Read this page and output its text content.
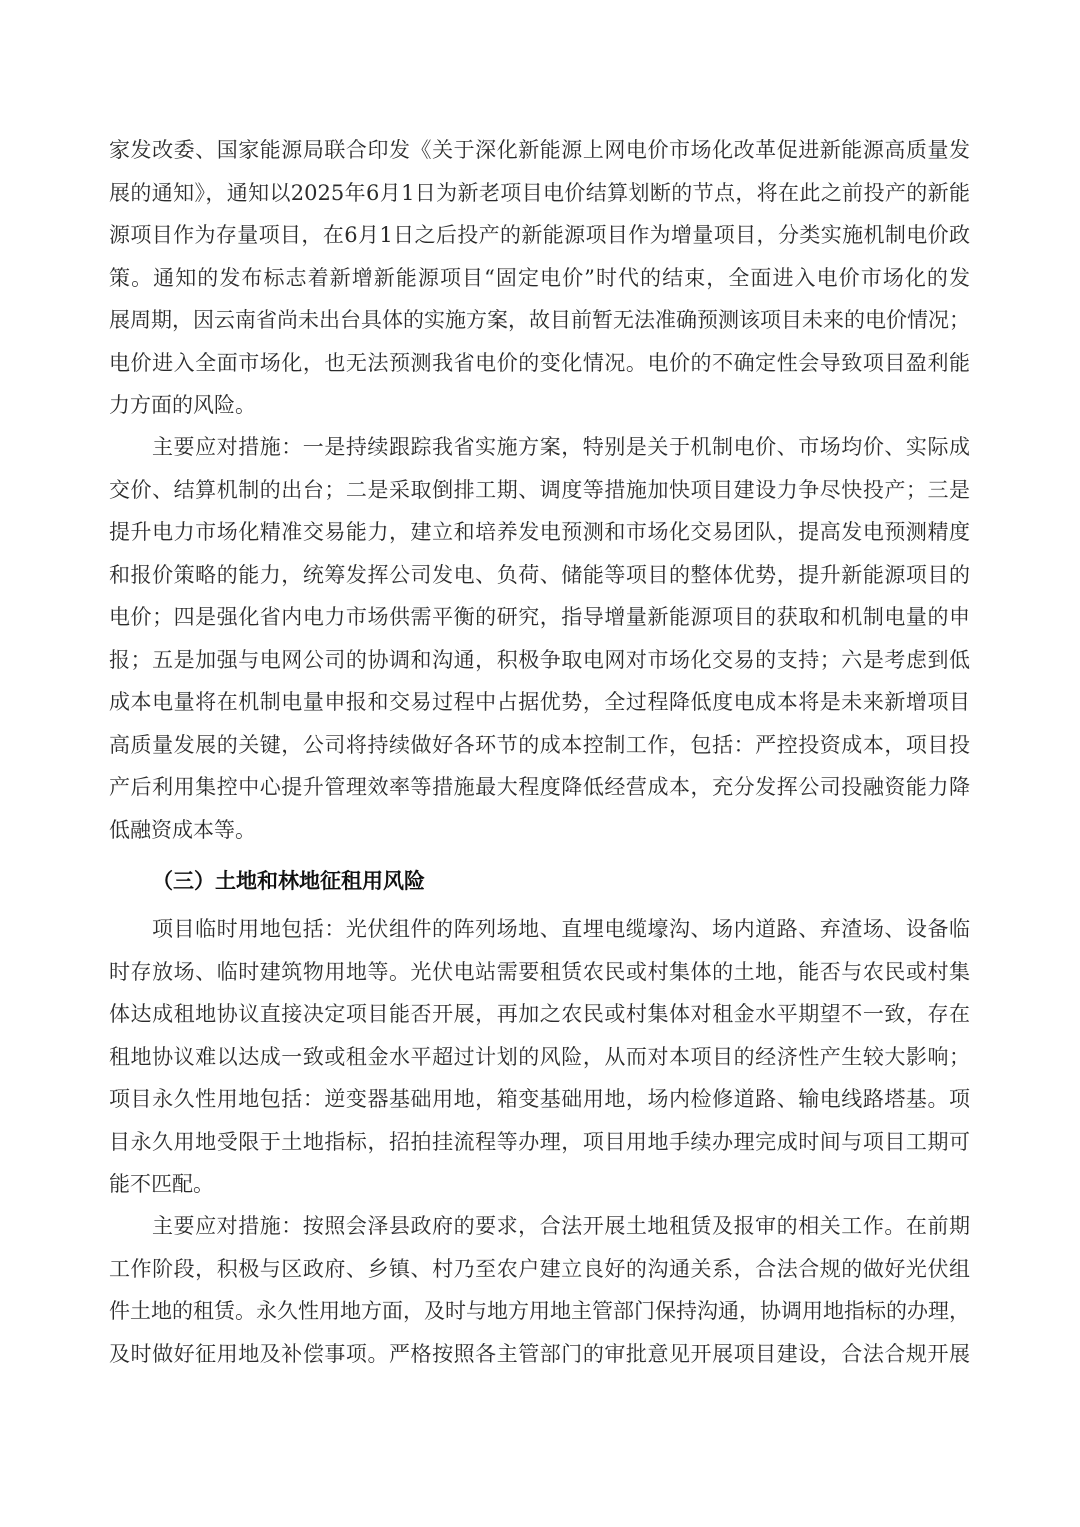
家发改委、国家能源局联合印发《关于深化新能源上网电价市场化改革促进新能源高质量发
展的通知》，通知以2025年6月1日为新老项目电价结算划断的节点，将在此之前投产的新能
源项目作为存量项目，在6月1日之后投产的新能源项目作为增量项目，分类实施机制电价政
策。通知的发布标志着新增新能源项目“固定电价”时代的结束，全面进入电价市场化的发
展周期，因云南省尚未出台具体的实施方案，故目前暂无法准确预测该项目未来的电价情况；
电价进入全面市场化，也无法预测我省电价的变化情况。电价的不确定性会导致项目盈利能
力方面的风险。
主要应对措施：一是持续跟踪我省实施方案，特别是关于机制电价、市场均价、实际成
交价、结算机制的出台；二是采取倒排工期、调度等措施加快项目建设力争尽快投产；三是
提升电力市场化精准交易能力，建立和培养发电预测和市场化交易团队，提高发电预测精度
和报价策略的能力，统筹发挥公司发电、负荷、储能等项目的整体优势，提升新能源项目的
电价；四是强化省内电力市场供需平衡的研究，指导增量新能源项目的获取和机制电量的申
报；五是加强与电网公司的协调和沟通，积极争取电网对市场化交易的支持；六是考虑到低
成本电量将在机制电量申报和交易过程中占据优势，全过程降低度电成本将是未来新增项目
高质量发展的关键，公司将持续做好各环节的成本控制工作，包括：严控投资成本，项目投
产后利用集控中心提升管理效率等措施最大程度降低经营成本，充分发挥公司投融资能力降
低融资成本等。
项目临时用地包括：光伏组件的阵列场地、直埋电缆壕沟、场内道路、弃渣场、设备临
时存放场、临时建筑物用地等。光伏电站需要租赁农民或村集体的土地，能否与农民或村集
体达成租地协议直接决定项目能否开展，再加之农民或村集体对租金水平期望不一致，存在
租地协议难以达成一致或租金水平超过计划的风险，从而对本项目的经济性产生较大影响；
项目永久性用地包括：逆变器基础用地，箱变基础用地，场内检修道路、输电线路塔基。项
目永久用地受限于土地指标，招拍挂流程等办理，项目用地手续办理完成时间与项目工期可
能不匹配。
主要应对措施：按照会泽县政府的要求，合法开展土地租赁及报审的相关工作。在前期
工作阶段，积极与区政府、乡镇、村乃至农户建立良好的沟通关系，合法合规的做好光伏组
件土地的租赁。永久性用地方面，及时与地方用地主管部门保持沟通，协调用地指标的办理，
及时做好征用地及补偿事项。严格按照各主管部门的审批意见开展项目建设，合法合规开展
（三）土地和林地征租用风险
